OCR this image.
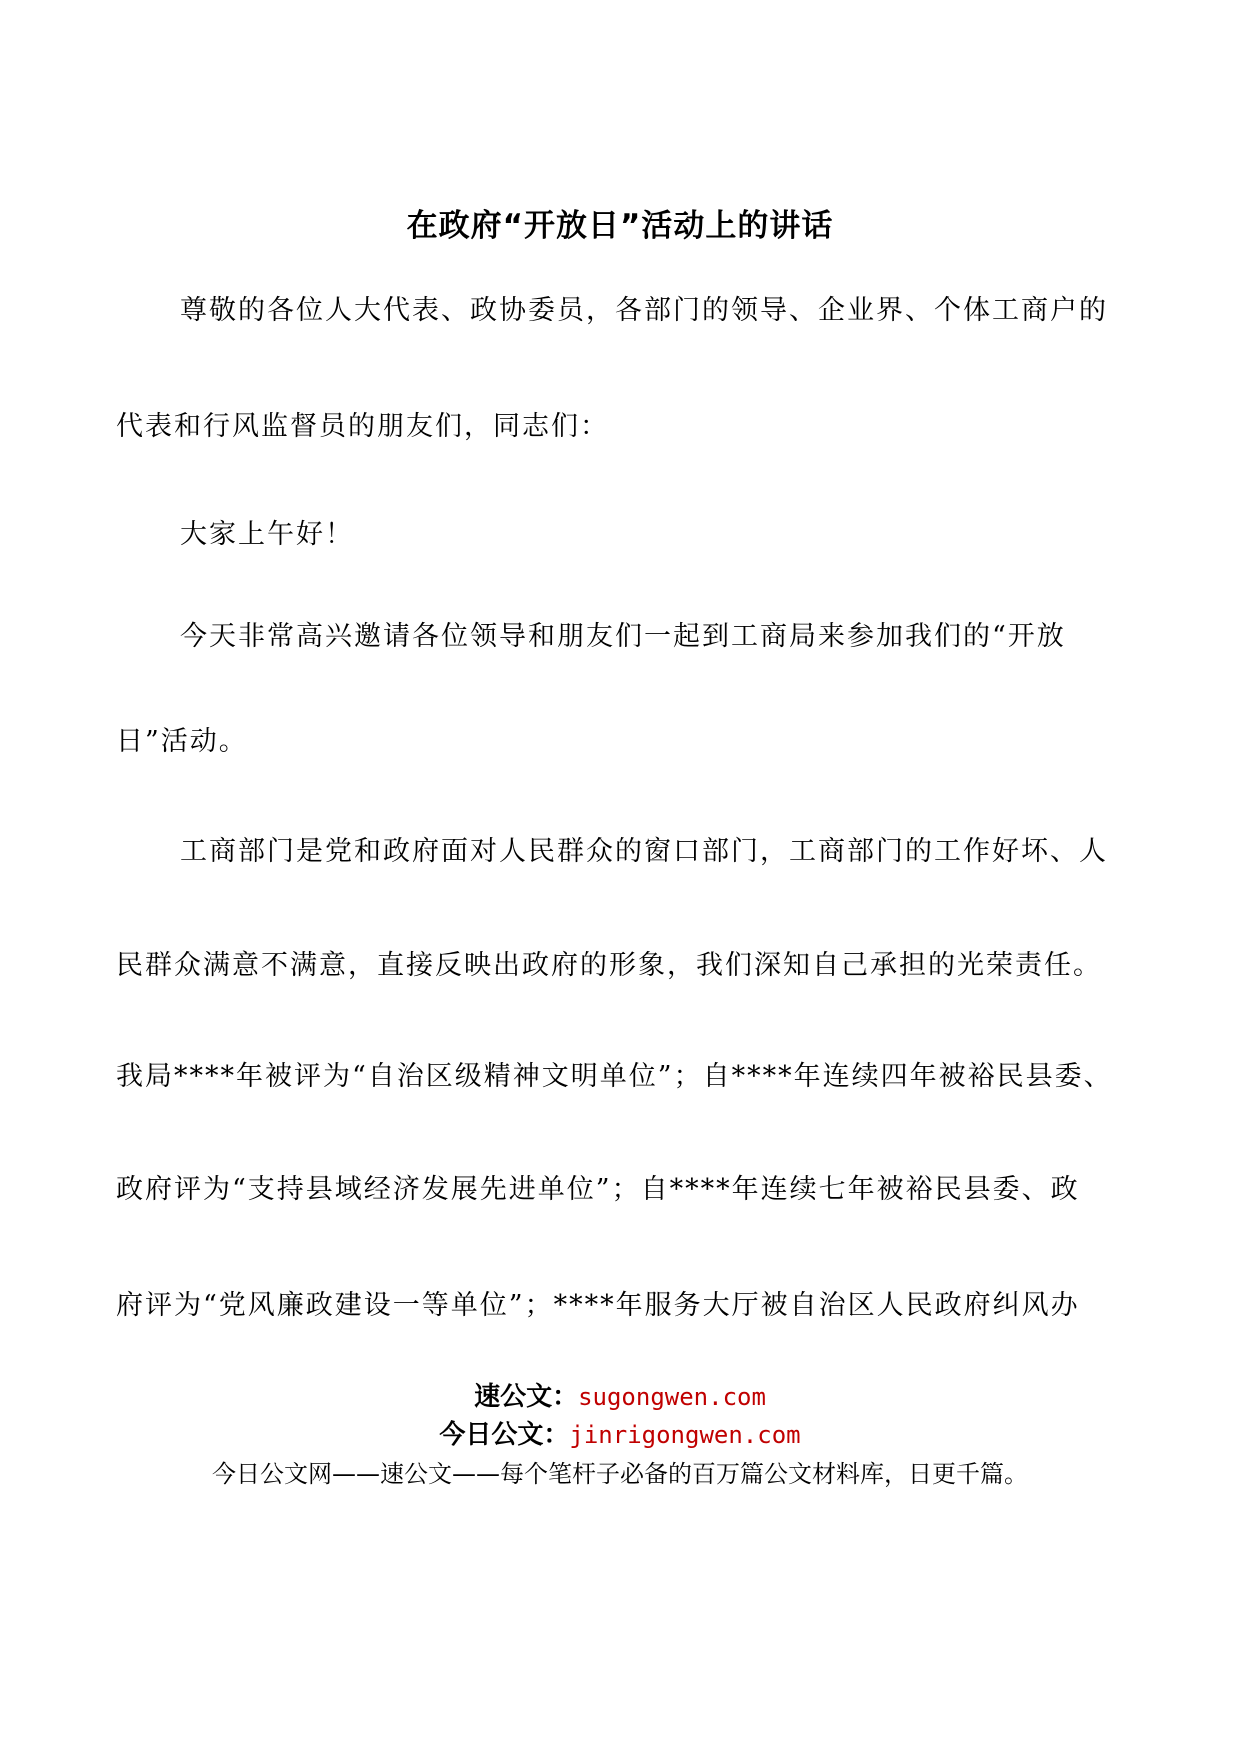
在政府“开放日”活动上的讲话
尊敬的各位人大代表、政协委员，各部门的领导、企业界、个体工商户的
代表和行风监督员的朋友们，同志们：
大家上午好！
今天非常高兴邀请各位领导和朋友们一起到工商局来参加我们的“开放
日”活动。
工商部门是党和政府面对人民群众的窗口部门，工商部门的工作好坏、人
民群众满意不满意，直接反映出政府的形象，我们深知自己承担的光荣责任。
我局****年被评为“自治区级精神文明单位”；自****年连续四年被裕民县委、
政府评为“支持县域经济发展先进单位”；自****年连续七年被裕民县委、政
府评为“党风廉政建设一等单位”；****年服务大厅被自治区人民政府纠风办
速公文：sugongwen.com
今日公文：jinrigongwen.com
今日公文网——速公文——每个笔杆子必备的百万篇公文材料库，日更千篇。
